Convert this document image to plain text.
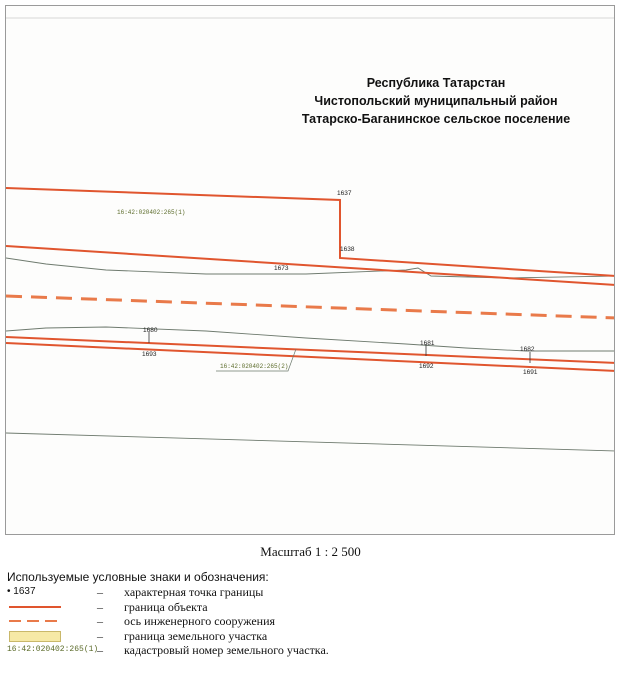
1637
1638
1673
1680
1693
1681
1692
1682
1691
16:42:020402:265(1)
16:42:020402:265(2)
Республика Татарстан
Чистопольский муниципальный район
Татарско-Баганинское сельское поселение
Масштаб 1 : 2 500
Используемые условные знаки и обозначения:
• 1637	– характерная точка границы
– граница объекта
– ось инженерного сооружения
– граница земельного участка
16:42:020402:265(1)
– кадастровый номер земельного участка.
